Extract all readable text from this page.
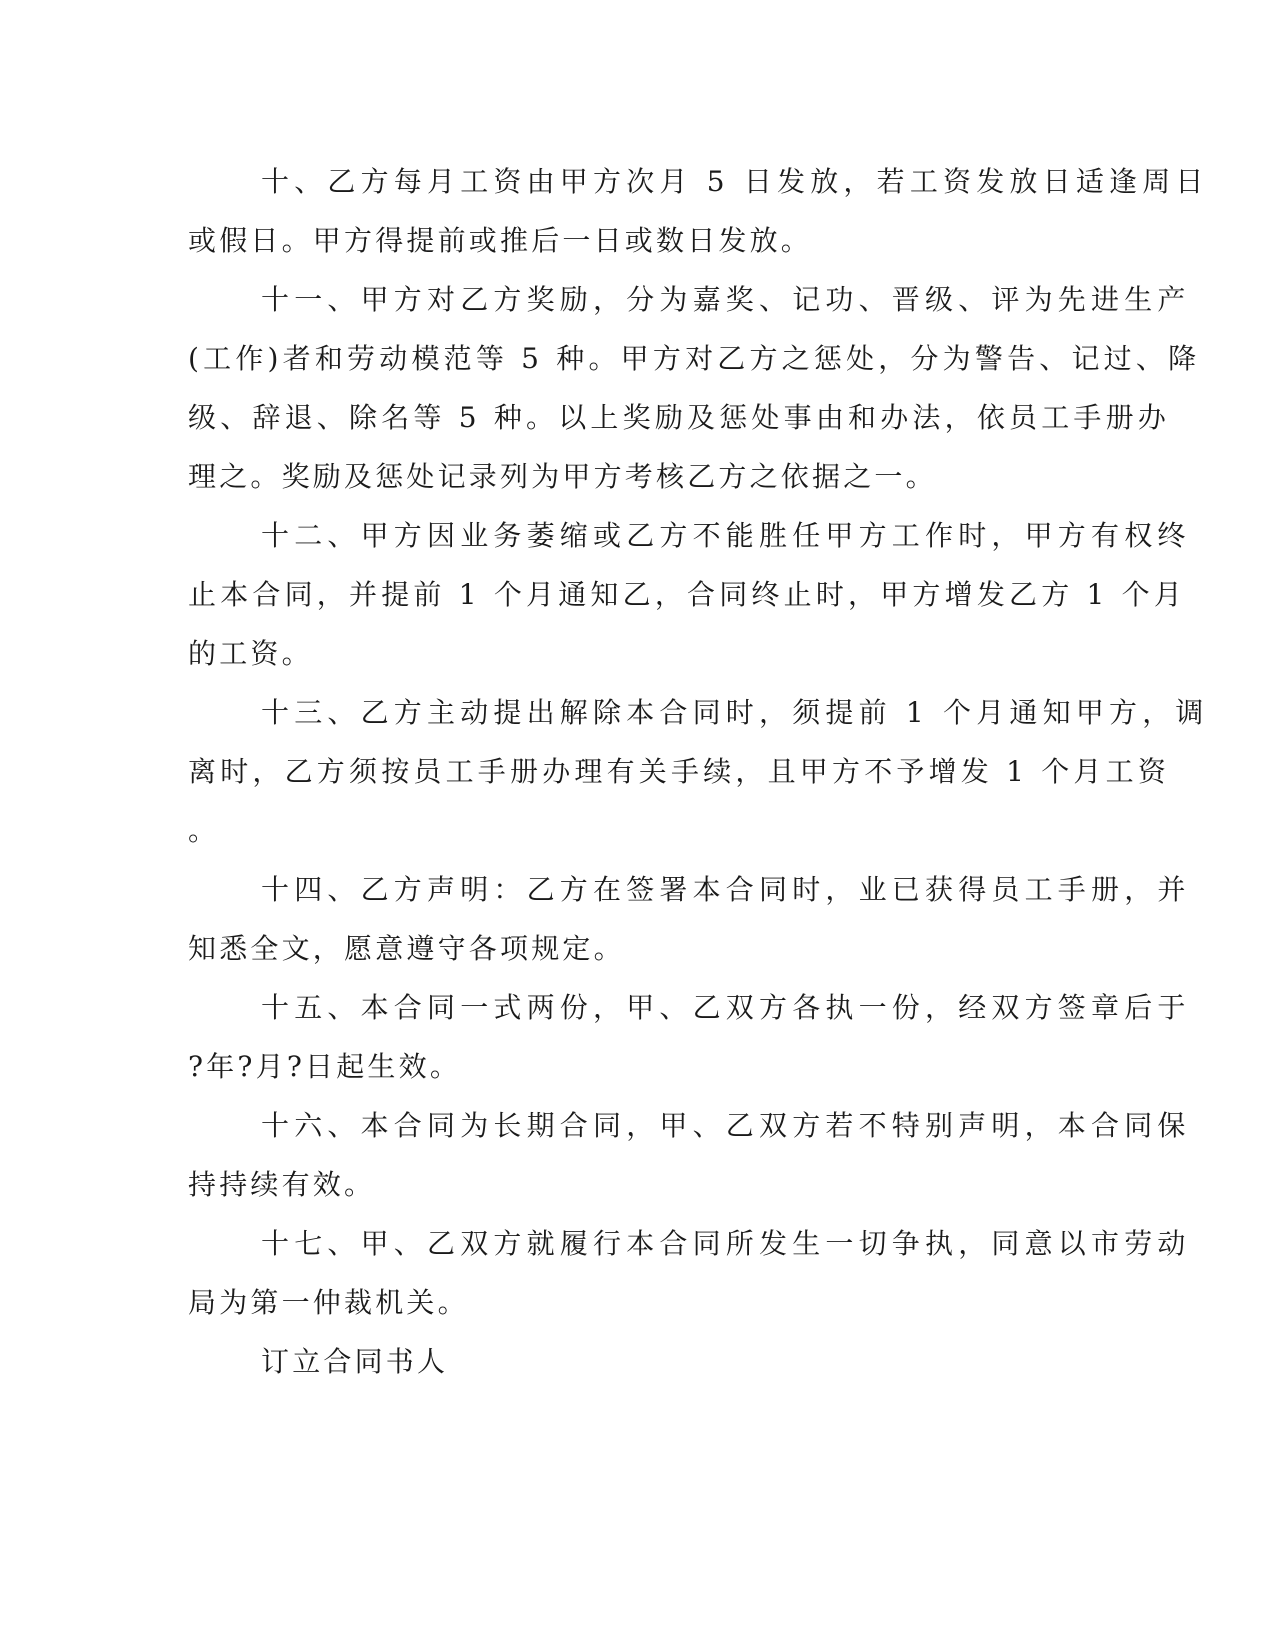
十、乙方每月工资由甲方次月 5 日发放，若工资发放日适逢周日

或假日。甲方得提前或推后一日或数日发放。

十一、甲方对乙方奖励，分为嘉奖、记功、晋级、评为先进生产

(工作)者和劳动模范等 5 种。甲方对乙方之惩处，分为警告、记过、降

级、辞退、除名等 5 种。以上奖励及惩处事由和办法，依员工手册办

理之。奖励及惩处记录列为甲方考核乙方之依据之一。

十二、甲方因业务萎缩或乙方不能胜任甲方工作时，甲方有权终

止本合同，并提前 1 个月通知乙，合同终止时，甲方增发乙方 1 个月

的工资。

十三、乙方主动提出解除本合同时，须提前 1 个月通知甲方，调

离时，乙方须按员工手册办理有关手续，且甲方不予增发 1 个月工资

。

十四、乙方声明：乙方在签署本合同时，业已获得员工手册，并

知悉全文，愿意遵守各项规定。

十五、本合同一式两份，甲、乙双方各执一份，经双方签章后于

?年?月?日起生效。

十六、本合同为长期合同，甲、乙双方若不特别声明，本合同保

持持续有效。

十七、甲、乙双方就履行本合同所发生一切争执，同意以市劳动

局为第一仲裁机关。

订立合同书人
